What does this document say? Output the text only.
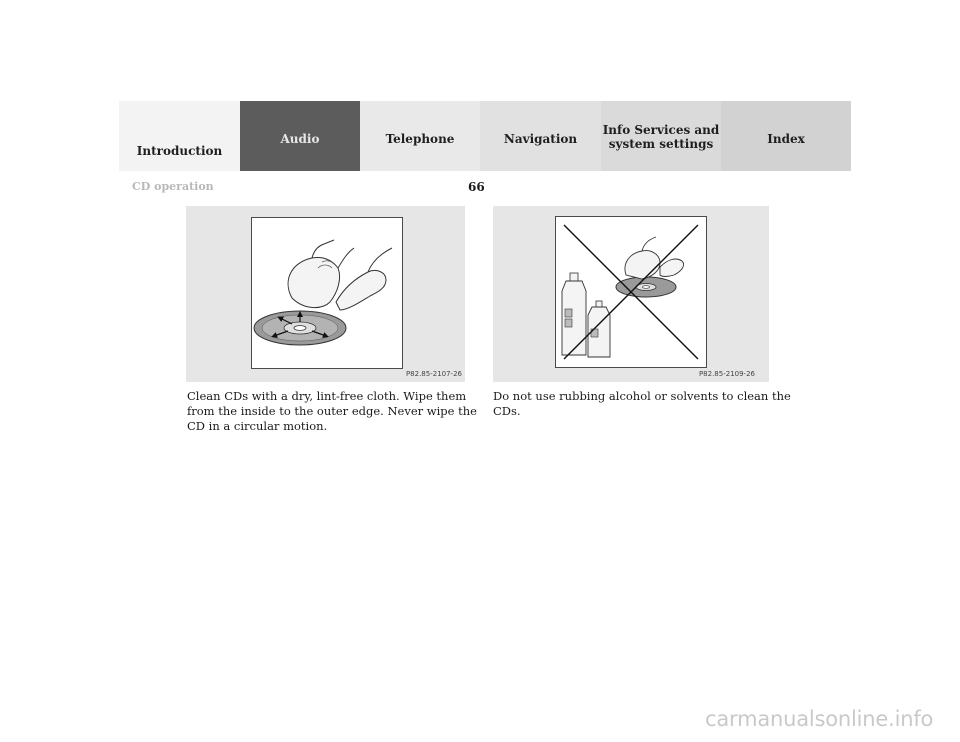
Introduction
Audio	Telephone	Navigation
Info Services and
system settings	Index
CD operation	66
P82.85-2107-26	P82.85-2109-26
Clean CDs with a dry, lint-free cloth. Wipe them from the inside to the outer edge. Never wipe the CD in a circular motion.
Do not use rubbing alcohol or solvents to clean the CDs.
carmanualsonline.info
